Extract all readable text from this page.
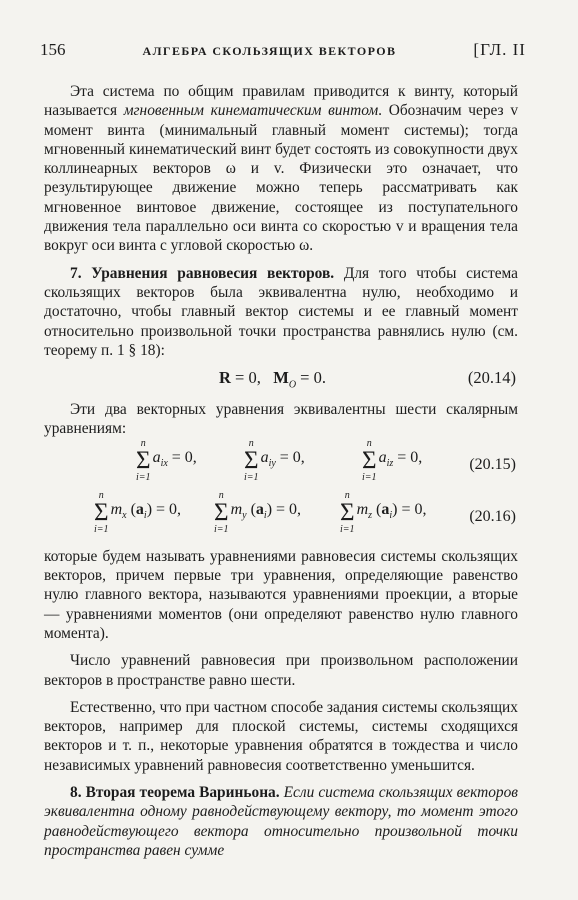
156	АЛГЕБРА СКОЛЬЗЯЩИХ ВЕКТОРОВ	[ГЛ. II

Эта система по общим правилам приводится к винту, который называется мгновенным кинематическим винтом. Обозначим через v момент винта (минимальный главный момент системы); тогда мгновенный кинематический винт будет состоять из совокупности двух коллинеарных векторов ω и v. Физически это означает, что результирующее движение можно теперь рассматривать как мгновенное винтовое движение, состоящее из поступательного движения тела параллельно оси винта со скоростью v и вращения тела вокруг оси винта с угловой скоростью ω.

7. Уравнения равновесия векторов. Для того чтобы система скользящих векторов была эквивалентна нулю, необходимо и достаточно, чтобы главный вектор системы и ее главный момент относительно произвольной точки пространства равнялись нулю (см. теорему п. 1 § 18):

R = 0,   $M_O = 0$.	(20.14)

Эти два векторных уравнения эквивалентны шести скалярным уравнениям:

n
Σ
i=1
$a_{ix} = 0$,
n
Σ
i=1
$a_{iy} = 0$,
n
Σ
i=1
$a_{iz} = 0$,	(20.15)
n
Σ
i=1
$m_x$ $(a_i) = 0$,
n
Σ
i=1
$m_y$ $(a_i) = 0$,
n
Σ
i=1
$m_z$ $(a_i) = 0$,	(20.16)

которые будем называть уравнениями равновесия системы скользящих векторов, причем первые три уравнения, определяющие равенство нулю главного вектора, называются уравнениями проекции, а вторые — уравнениями моментов (они определяют равенство нулю главного момента).

Число уравнений равновесия при произвольном расположении векторов в пространстве равно шести.

Естественно, что при частном способе задания системы скользящих векторов, например для плоской системы, системы сходящихся векторов и т. п., некоторые уравнения обратятся в тождества и число независимых уравнений равновесия соответственно уменьшится.

8. Вторая теорема Вариньона. Если система скользящих векторов эквивалентна одному равнодействующему вектору, то момент этого равнодействующего вектора относительно произвольной точки пространства равен сумме
